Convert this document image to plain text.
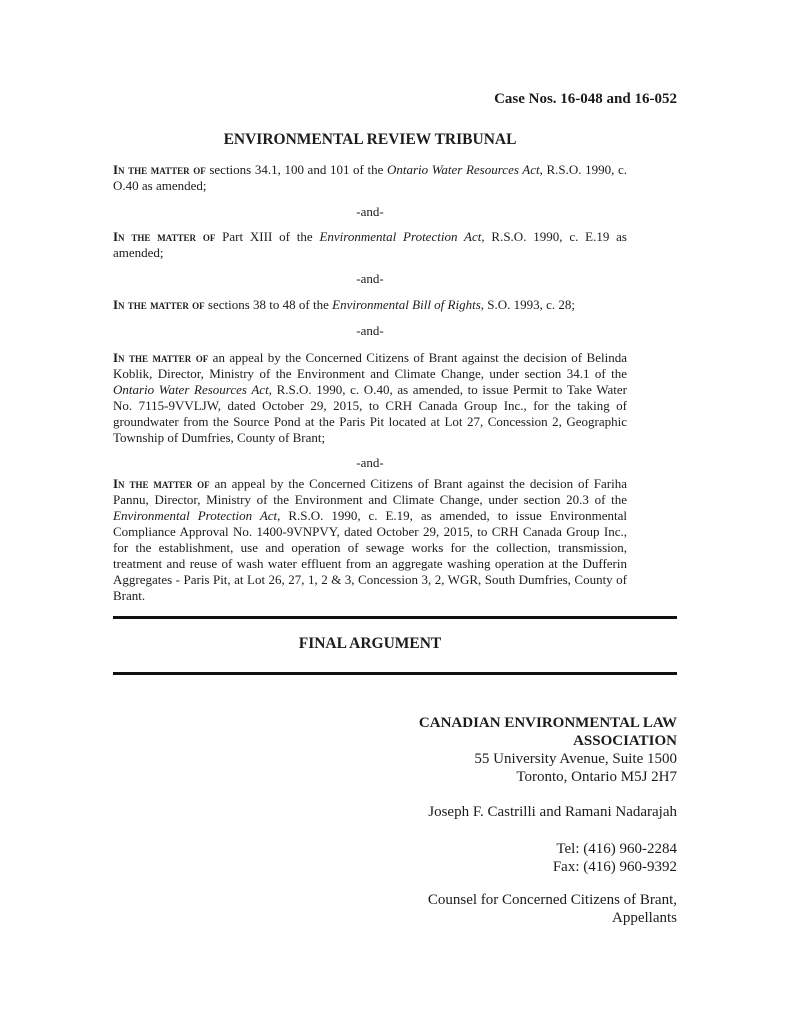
Case Nos. 16-048 and 16-052
ENVIRONMENTAL REVIEW TRIBUNAL

In the matter of sections 34.1, 100 and 101 of the Ontario Water Resources Act, R.S.O. 1990, c. O.40 as amended;

-and-

In the matter of Part XIII of the Environmental Protection Act, R.S.O. 1990, c. E.19 as amended;

-and-

In the matter of sections 38 to 48 of the Environmental Bill of Rights, S.O. 1993, c. 28;

-and-

In the matter of an appeal by the Concerned Citizens of Brant against the decision of Belinda Koblik, Director, Ministry of the Environment and Climate Change, under section 34.1 of the Ontario Water Resources Act, R.S.O. 1990, c. O.40, as amended, to issue Permit to Take Water No. 7115-9VVLJW, dated October 29, 2015, to CRH Canada Group Inc., for the taking of groundwater from the Source Pond at the Paris Pit located at Lot 27, Concession 2, Geographic Township of Dumfries, County of Brant;

-and-

In the matter of an appeal by the Concerned Citizens of Brant against the decision of Fariha Pannu, Director, Ministry of the Environment and Climate Change, under section 20.3 of the Environmental Protection Act, R.S.O. 1990, c. E.19, as amended, to issue Environmental Compliance Approval No. 1400-9VNPVY, dated October 29, 2015, to CRH Canada Group Inc., for the establishment, use and operation of sewage works for the collection, transmission, treatment and reuse of wash water effluent from an aggregate washing operation at the Dufferin Aggregates - Paris Pit, at Lot 26, 27, 1, 2 & 3, Concession 3, 2, WGR, South Dumfries, County of Brant.

FINAL ARGUMENT
CANADIAN ENVIRONMENTAL LAW
ASSOCIATION
55 University Avenue, Suite 1500
Toronto, Ontario M5J 2H7
Joseph F. Castrilli and Ramani Nadarajah
Tel: (416) 960-2284
Fax: (416) 960-9392
Counsel for Concerned Citizens of Brant,
Appellants
